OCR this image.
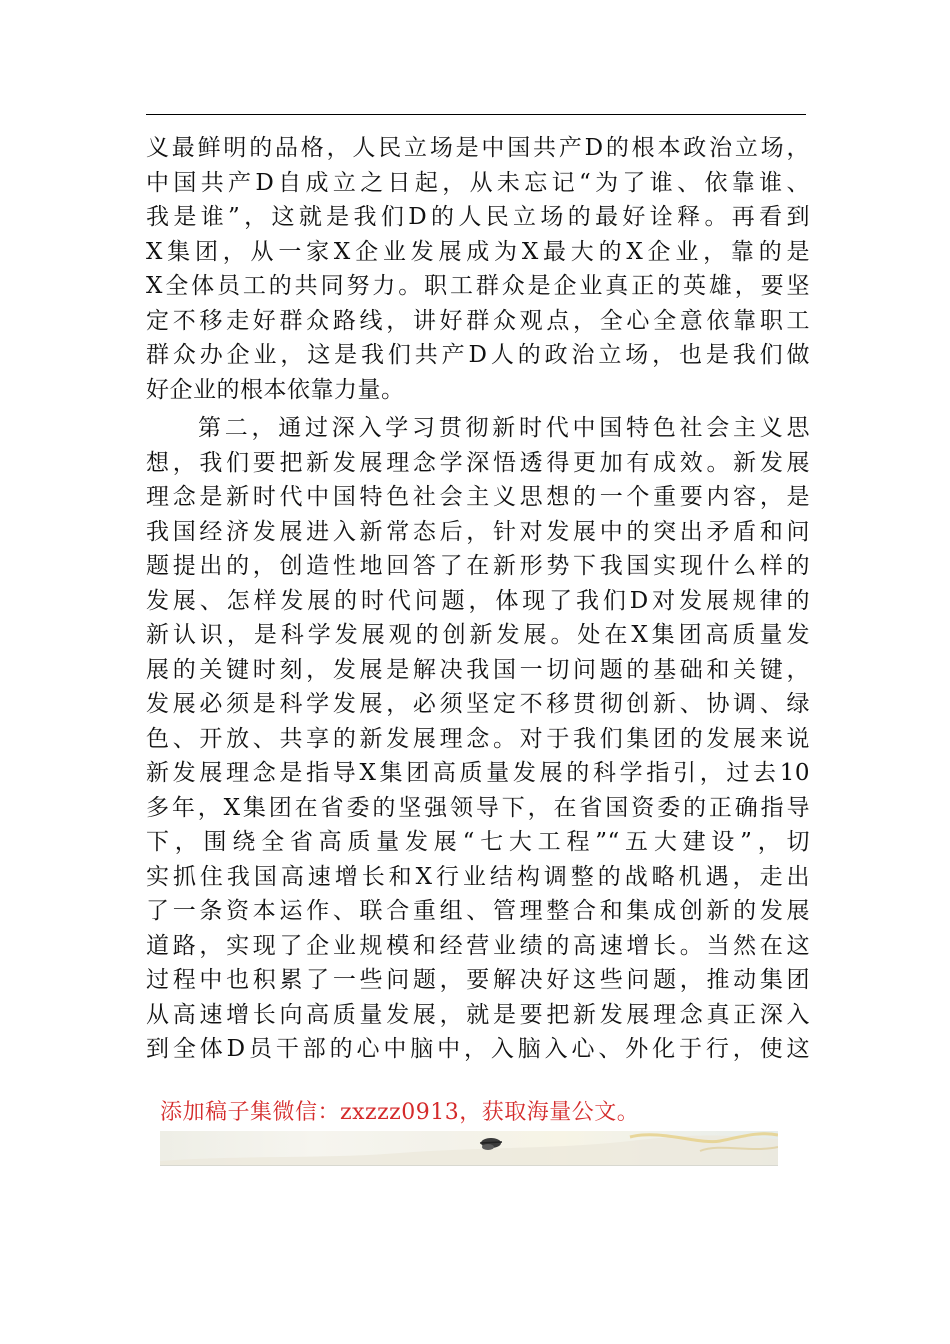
义最鲜明的品格，人民立场是中国共产D的根本政治立场，
中国共产D自成立之日起，从未忘记“为了谁、依靠谁、
我是谁”，这就是我们D的人民立场的最好诠释。再看到
X集团，从一家X企业发展成为X最大的X企业，靠的是
X全体员工的共同努力。职工群众是企业真正的英雄，要坚
定不移走好群众路线，讲好群众观点，全心全意依靠职工
群众办企业，这是我们共产D人的政治立场，也是我们做
好企业的根本依靠力量。
第二，通过深入学习贯彻新时代中国特色社会主义思
想，我们要把新发展理念学深悟透得更加有成效。新发展
理念是新时代中国特色社会主义思想的一个重要内容，是
我国经济发展进入新常态后，针对发展中的突出矛盾和问
题提出的，创造性地回答了在新形势下我国实现什么样的
发展、怎样发展的时代问题，体现了我们D对发展规律的
新认识，是科学发展观的创新发展。处在X集团高质量发
展的关键时刻，发展是解决我国一切问题的基础和关键，
发展必须是科学发展，必须坚定不移贯彻创新、协调、绿
色、开放、共享的新发展理念。对于我们集团的发展来说
新发展理念是指导X集团高质量发展的科学指引，过去10
多年，X集团在省委的坚强领导下，在省国资委的正确指导
下，围绕全省高质量发展“七大工程”“五大建设”，切
实抓住我国高速增长和X行业结构调整的战略机遇，走出
了一条资本运作、联合重组、管理整合和集成创新的发展
道路，实现了企业规模和经营业绩的高速增长。当然在这
过程中也积累了一些问题，要解决好这些问题，推动集团
从高速增长向高质量发展，就是要把新发展理念真正深入
到全体D员干部的心中脑中，入脑入心、外化于行，使这
添加稿子集微信：zxzzz0913，获取海量公文。
